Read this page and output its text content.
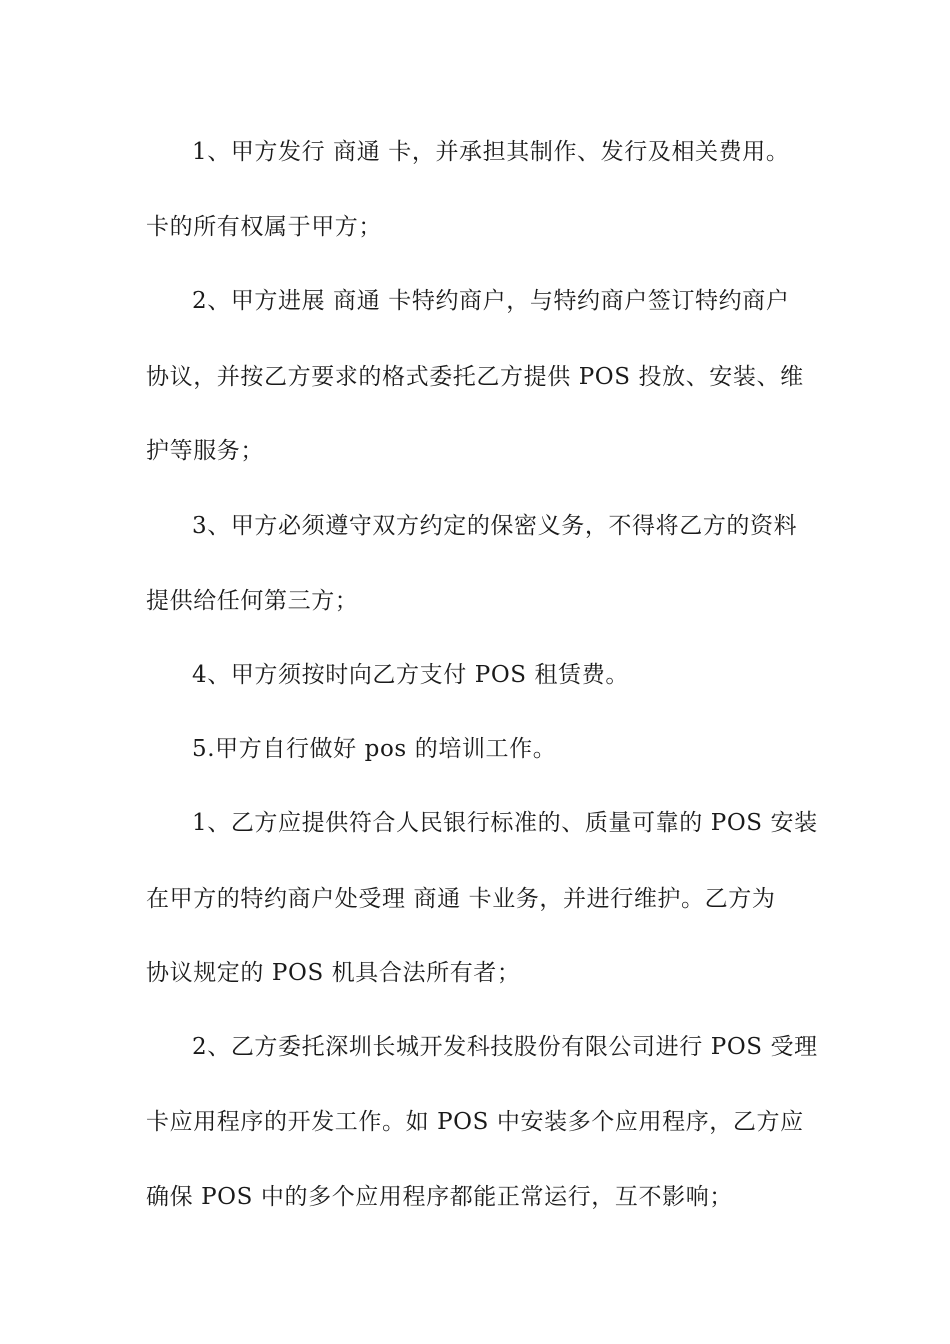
1、甲方发行 商通 卡，并承担其制作、发行及相关费用。
卡的所有权属于甲方；
2、甲方进展 商通 卡特约商户，与特约商户签订特约商户
协议，并按乙方要求的格式委托乙方提供 POS 投放、安装、维
护等服务；
3、甲方必须遵守双方约定的保密义务，不得将乙方的资料
提供给任何第三方；
4、甲方须按时向乙方支付 POS 租赁费。
5.甲方自行做好 pos 的培训工作。
1、乙方应提供符合人民银行标准的、质量可靠的 POS 安装
在甲方的特约商户处受理 商通 卡业务，并进行维护。乙方为
协议规定的 POS 机具合法所有者；
2、乙方委托深圳长城开发科技股份有限公司进行 POS 受理
卡应用程序的开发工作。如 POS 中安装多个应用程序，乙方应
确保 POS 中的多个应用程序都能正常运行，互不影响；
